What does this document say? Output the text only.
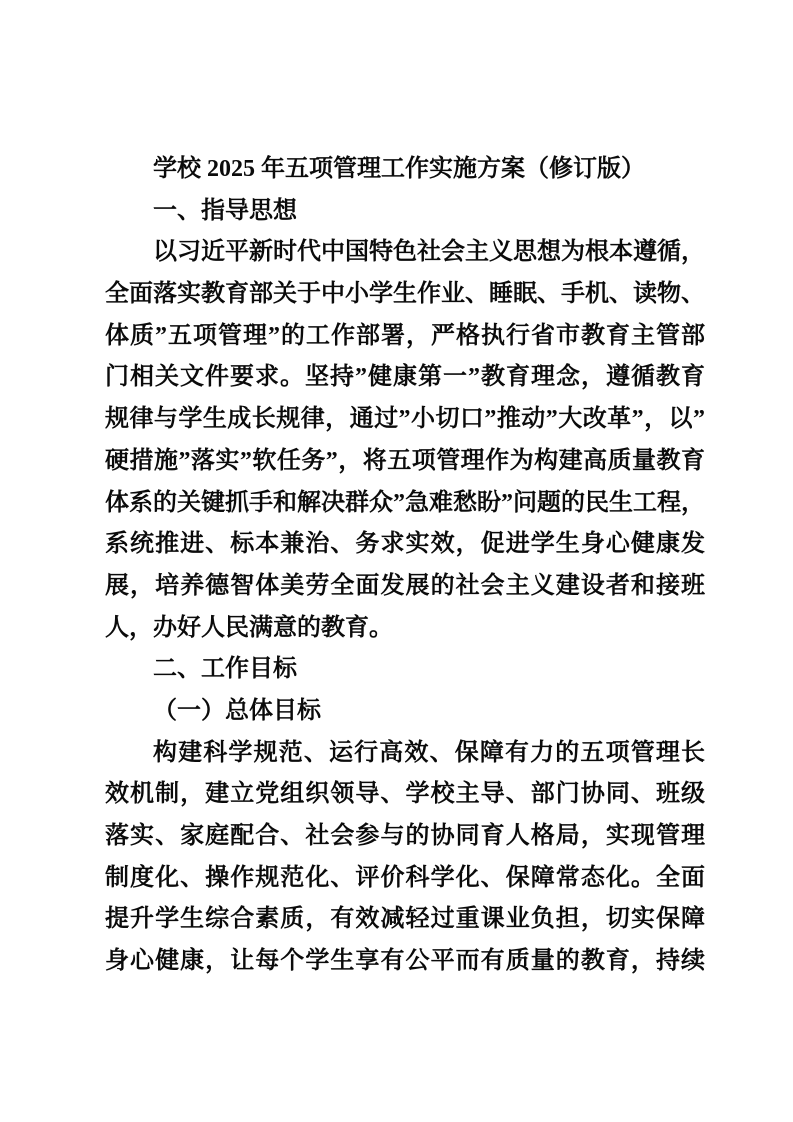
学校 2025 年五项管理工作实施方案（修订版）
一、指导思想
以习近平新时代中国特色社会主义思想为根本遵循，
全面落实教育部关于中小学生作业、睡眠、手机、读物、
体质”五项管理”的工作部署，严格执行省市教育主管部
门相关文件要求。坚持”健康第一”教育理念，遵循教育
规律与学生成长规律，通过”小切口”推动”大改革”，以”
硬措施”落实”软任务”，将五项管理作为构建高质量教育
体系的关键抓手和解决群众”急难愁盼”问题的民生工程，
系统推进、标本兼治、务求实效，促进学生身心健康发
展，培养德智体美劳全面发展的社会主义建设者和接班
人，办好人民满意的教育。
二、工作目标
（一）总体目标
构建科学规范、运行高效、保障有力的五项管理长
效机制，建立党组织领导、学校主导、部门协同、班级
落实、家庭配合、社会参与的协同育人格局，实现管理
制度化、操作规范化、评价科学化、保障常态化。全面
提升学生综合素质，有效减轻过重课业负担，切实保障
身心健康，让每个学生享有公平而有质量的教育，持续
